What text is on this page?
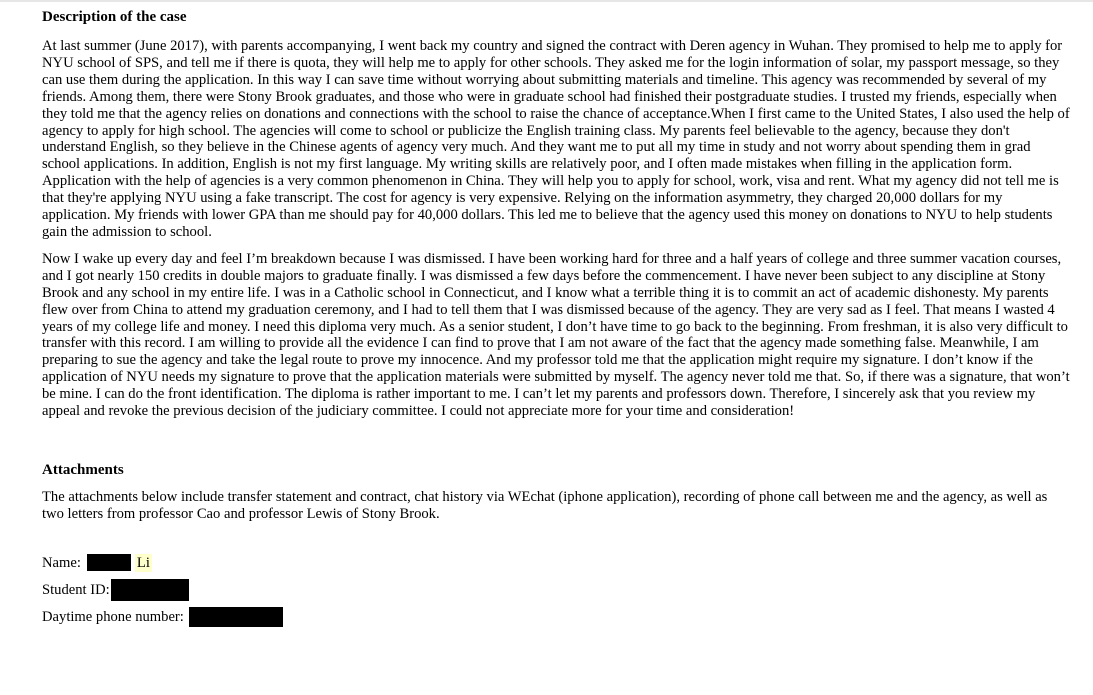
Description of the case

At last summer (June 2017), with parents accompanying, I went back my country and signed the contract with Deren agency in Wuhan. They promised to help me to apply for NYU school of SPS, and tell me if there is quota, they will help me to apply for other schools. They asked me for the login information of solar, my passport message, so they can use them during the application. In this way I can save time without worrying about submitting materials and timeline. This agency was recommended by several of my friends. Among them, there were Stony Brook graduates, and those who were in graduate school had finished their postgraduate studies. I trusted my friends, especially when they told me that the agency relies on donations and connections with the school to raise the chance of acceptance.When I first came to the United States, I also used the help of agency to apply for high school. The agencies will come to school or publicize the English training class. My parents feel believable to the agency, because they don't understand English, so they believe in the Chinese agents of agency very much. And they want me to put all my time in study and not worry about spending them in grad school applications. In addition, English is not my first language. My writing skills are relatively poor, and I often made mistakes when filling in the application form. Application with the help of agencies is a very common phenomenon in China. They will help you to apply for school, work, visa and rent. What my agency did not tell me is that they're applying NYU using a fake transcript. The cost for agency is very expensive. Relying on the information asymmetry, they charged 20,000 dollars for my application. My friends with lower GPA than me should pay for 40,000 dollars. This led me to believe that the agency used this money on donations to NYU to help students gain the admission to school.

Now I wake up every day and feel I’m breakdown because I was dismissed. I have been working hard for three and a half years of college and three summer vacation courses, and I got nearly 150 credits in double majors to graduate finally. I was dismissed a few days before the commencement. I have never been subject to any discipline at Stony Brook and any school in my entire life. I was in a Catholic school in Connecticut, and I know what a terrible thing it is to commit an act of academic dishonesty. My parents flew over from China to attend my graduation ceremony, and I had to tell them that I was dismissed because of the agency. They are very sad as I feel. That means I wasted 4 years of my college life and money. I need this diploma very much. As a senior student, I don’t have time to go back to the beginning. From freshman, it is also very difficult to transfer with this record. I am willing to provide all the evidence I can find to prove that I am not aware of the fact that the agency made something false. Meanwhile, I am preparing to sue the agency and take the legal route to prove my innocence. And my professor told me that the application might require my signature. I don’t know if the application of NYU needs my signature to prove that the application materials were submitted by myself. The agency never told me that. So, if there was a signature, that won’t be mine. I can do the front identification. The diploma is rather important to me. I can’t let my parents and professors down. Therefore, I sincerely ask that you review my appeal and revoke the previous decision of the judiciary committee. I could not appreciate more for your time and consideration!

Attachments

The attachments below include transfer statement and contract, chat history via WEchat (iphone application), recording of phone call between me and the agency, as well as two letters from professor Cao and professor Lewis of Stony Brook.

Name:	Li
Student ID:
Daytime phone number:
